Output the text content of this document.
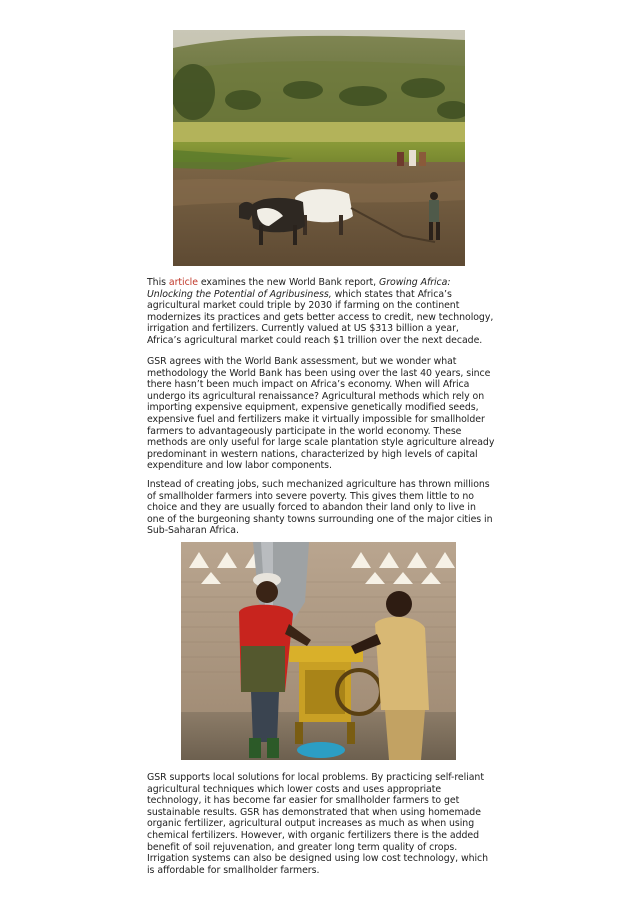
This article examines the new World Bank report, Growing Africa: Unlocking the Potential of Agribusiness, which states that Africa’s agricultural market could triple by 2030 if farming on the continent modernizes its practices and gets better access to credit, new technology, irrigation and fertilizers. Currently valued at US $313 billion a year, Africa’s agricultural market could reach $1 trillion over the next decade.

GSR agrees with the World Bank assessment, but we wonder what methodology the World Bank has been using over the last 40 years, since there hasn’t been much impact on Africa’s economy. When will Africa undergo its agricultural renaissance? Agricultural methods which rely on importing expensive equipment, expensive genetically modified seeds, expensive fuel and fertilizers make it virtually impossible for smallholder farmers to advantageously participate in the world economy. These methods are only useful for large scale plantation style agriculture already predominant in western nations, characterized by high levels of capital expenditure and low labor components.

Instead of creating jobs, such mechanized agriculture has thrown millions of smallholder farmers into severe poverty. This gives them little to no choice and they are usually forced to abandon their land only to live in one of the burgeoning shanty towns surrounding one of the major cities in Sub-Saharan Africa.

GSR supports local solutions for local problems. By practicing self-reliant agricultural techniques which lower costs and uses appropriate technology, it has become far easier for smallholder farmers to get sustainable results. GSR has demonstrated that when using homemade organic fertilizer, agricultural output increases as much as when using chemical fertilizers. However, with organic fertilizers there is the added benefit of soil rejuvenation, and greater long term quality of crops. Irrigation systems can also be designed using low cost technology, which is affordable for smallholder farmers.
